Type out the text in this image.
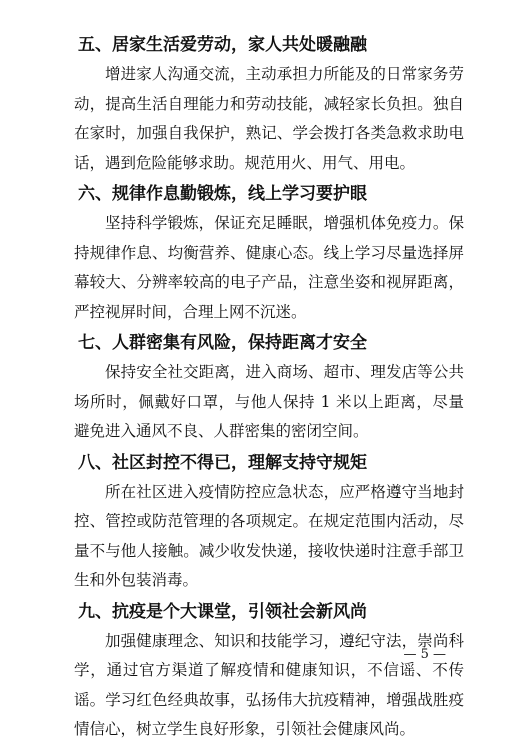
五、居家生活爱劳动，家人共处暖融融

增进家人沟通交流，主动承担力所能及的日常家务劳动，提高生活自理能力和劳动技能，减轻家长负担。独自在家时，加强自我保护，熟记、学会拨打各类急救求助电话，遇到危险能够求助。规范用火、用气、用电。

六、规律作息勤锻炼，线上学习要护眼

坚持科学锻炼，保证充足睡眠，增强机体免疫力。保持规律作息、均衡营养、健康心态。线上学习尽量选择屏幕较大、分辨率较高的电子产品，注意坐姿和视屏距离，严控视屏时间，合理上网不沉迷。

七、人群密集有风险，保持距离才安全

保持安全社交距离，进入商场、超市、理发店等公共场所时，佩戴好口罩，与他人保持 1 米以上距离，尽量避免进入通风不良、人群密集的密闭空间。

八、社区封控不得已，理解支持守规矩

所在社区进入疫情防控应急状态，应严格遵守当地封控、管控或防范管理的各项规定。在规定范围内活动，尽量不与他人接触。减少收发快递，接收快递时注意手部卫生和外包装消毒。

九、抗疫是个大课堂，引领社会新风尚

加强健康理念、知识和技能学习，遵纪守法，崇尚科学，通过官方渠道了解疫情和健康知识，不信谣、不传谣。学习红色经典故事，弘扬伟大抗疫精神，增强战胜疫情信心，树立学生良好形象，引领社会健康风尚。

— 5 —
